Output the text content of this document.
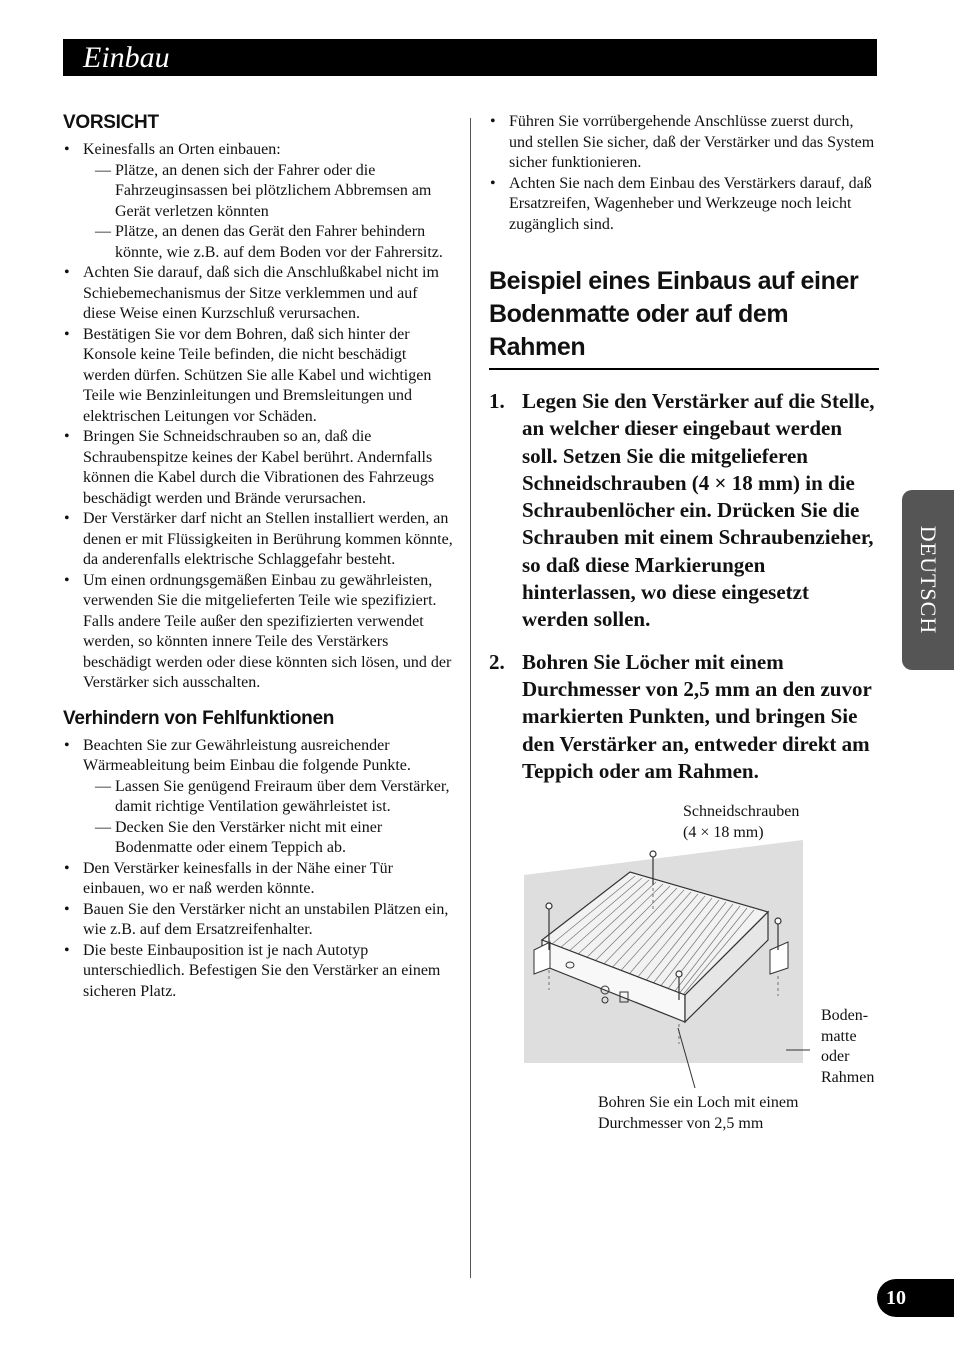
Einbau
VORSICHT
• Keinesfalls an Orten einbauen:
— Plätze, an denen sich der Fahrer oder die Fahrzeuginsassen bei plötzlichem Abbremsen am Gerät verletzen könnten
— Plätze, an denen das Gerät den Fahrer behindern könnte, wie z.B. auf dem Boden vor der Fahrersitz.
• Achten Sie darauf, daß sich die Anschlußkabel nicht im Schiebemechanismus der Sitze verklemmen und auf diese Weise einen Kurzschluß verursachen.
• Bestätigen Sie vor dem Bohren, daß sich hinter der Konsole keine Teile befinden, die nicht beschädigt werden dürfen. Schützen Sie alle Kabel und wichtigen Teile wie Benzinleitungen und Bremsleitungen und elektrischen Leitungen vor Schäden.
• Bringen Sie Schneidschrauben so an, daß die Schraubenspitze keines der Kabel berührt. Andernfalls können die Kabel durch die Vibrationen des Fahrzeugs beschädigt werden und Brände verursachen.
• Der Verstärker darf nicht an Stellen installiert werden, an denen er mit Flüssigkeiten in Berührung kommen könnte, da anderenfalls elektrische Schlaggefahr besteht.
• Um einen ordnungsgemäßen Einbau zu gewährleisten, verwenden Sie die mitgelieferten Teile wie spezifiziert. Falls andere Teile außer den spezifizierten verwendet werden, so könnten innere Teile des Verstärkers beschädigt werden oder diese könnten sich lösen, und der Verstärker sich ausschalten.
Verhindern von Fehlfunktionen
• Beachten Sie zur Gewährleistung ausreichender Wärmeableitung beim Einbau die folgende Punkte.
— Lassen Sie genügend Freiraum über dem Verstärker, damit richtige Ventilation gewährleistet ist.
— Decken Sie den Verstärker nicht mit einer Bodenmatte oder einem Teppich ab.
• Den Verstärker keinesfalls in der Nähe einer Tür einbauen, wo er naß werden könnte.
• Bauen Sie den Verstärker nicht an unstabilen Plätzen ein, wie z.B. auf dem Ersatzreifenhalter.
• Die beste Einbauposition ist je nach Autotyp unterschiedlich. Befestigen Sie den Verstärker an einem sicheren Platz.
• Führen Sie vorrübergehende Anschlüsse zuerst durch, und stellen Sie sicher, daß der Verstärker und das System sicher funktionieren.
• Achten Sie nach dem Einbau des Verstärkers darauf, daß Ersatzreifen, Wagenheber und Werkzeuge noch leicht zugänglich sind.
Beispiel eines Einbaus auf einer Bodenmatte oder auf dem Rahmen
1. Legen Sie den Verstärker auf die Stelle, an welcher dieser eingebaut werden soll. Setzen Sie die mitgelieferen Schneidschrauben (4 × 18 mm) in die Schraubenlöcher ein. Drücken Sie die Schrauben mit einem Schraubenzieher, so daß diese Markierungen hinterlassen, wo diese eingesetzt werden sollen.
2. Bohren Sie Löcher mit einem Durchmesser von 2,5 mm an den zuvor markierten Punkten, und bringen Sie den Verstärker an, entweder direkt am Teppich oder am Rahmen.
Schneidschrauben
(4 × 18 mm)
Boden-
matte
oder
Rahmen
Bohren Sie ein Loch mit einem
Durchmesser von 2,5 mm
DEUTSCH
10
